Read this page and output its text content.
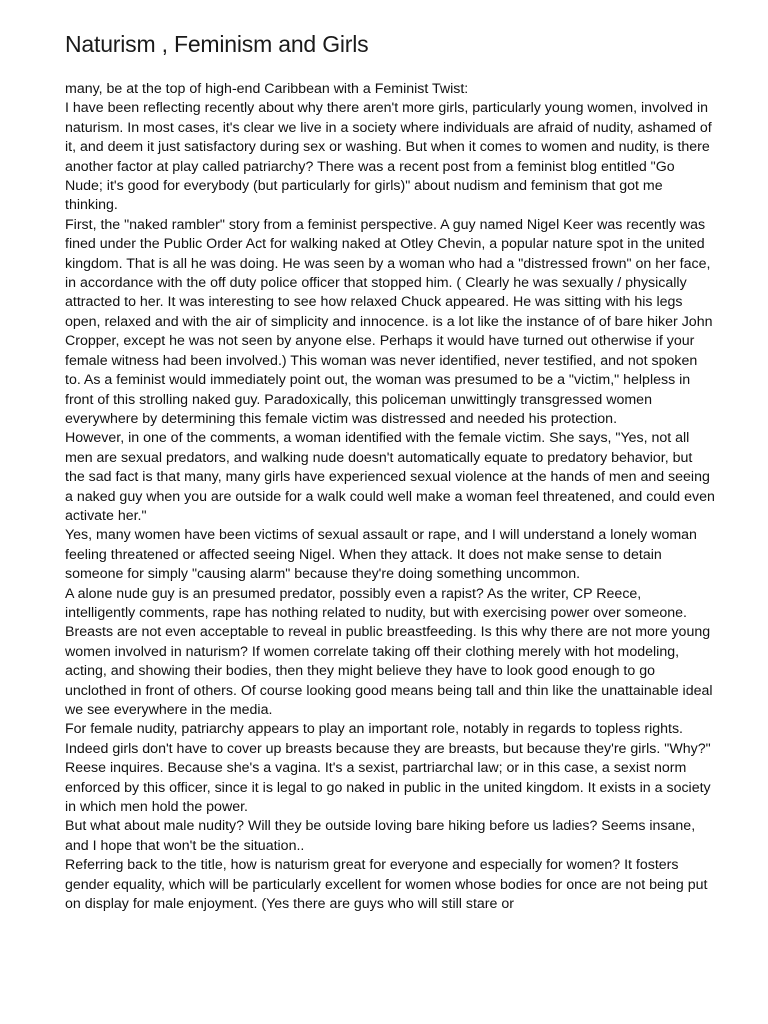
Naturism , Feminism and Girls

many, be at the top of high-end Caribbean with a Feminist Twist:

I have been reflecting recently about why there aren't more girls, particularly young women, involved in naturism. In most cases, it's clear we live in a society where individuals are afraid of nudity, ashamed of it, and deem it just satisfactory during sex or washing. But when it comes to women and nudity, is there another factor at play called patriarchy? There was a recent post from a feminist blog entitled "Go Nude; it's good for everybody (but particularly for girls)" about nudism and feminism that got me thinking.

First, the "naked rambler" story from a feminist perspective. A guy named Nigel Keer was recently was fined under the Public Order Act for walking naked at Otley Chevin, a popular nature spot in the united kingdom. That is all he was doing. He was seen by a woman who had a "distressed frown" on her face, in accordance with the off duty police officer that stopped him. ( Clearly he was sexually / physically attracted to her. It was interesting to see how relaxed Chuck appeared. He was sitting with his legs open, relaxed and with the air of simplicity and innocence. is a lot like the instance of of bare hiker John Cropper, except he was not seen by anyone else. Perhaps it would have turned out otherwise if your female witness had been involved.) This woman was never identified, never testified, and not spoken to. As a feminist would immediately point out, the woman was presumed to be a "victim," helpless in front of this strolling naked guy. Paradoxically, this policeman unwittingly transgressed women everywhere by determining this female victim was distressed and needed his protection.

However, in one of the comments, a woman identified with the female victim. She says, "Yes, not all men are sexual predators, and walking nude doesn't automatically equate to predatory behavior, but the sad fact is that many, many girls have experienced sexual violence at the hands of men and seeing a naked guy when you are outside for a walk could well make a woman feel threatened, and could even activate her."

Yes, many women have been victims of sexual assault or rape, and I will understand a lonely woman feeling threatened or affected seeing Nigel. When they attack. It does not make sense to detain someone for simply "causing alarm" because they're doing something uncommon.

A alone nude guy is an presumed predator, possibly even a rapist? As the writer, CP Reece, intelligently comments, rape has nothing related to nudity, but with exercising power over someone.

Breasts are not even acceptable to reveal in public breastfeeding. Is this why there are not more young women involved in naturism? If women correlate taking off their clothing merely with hot modeling, acting, and showing their bodies, then they might believe they have to look good enough to go unclothed in front of others. Of course looking good means being tall and thin like the unattainable ideal we see everywhere in the media.

For female nudity, patriarchy appears to play an important role, notably in regards to topless rights. Indeed girls don't have to cover up breasts because they are breasts, but because they're girls. "Why?" Reese inquires. Because she's a vagina. It's a sexist, partriarchal law; or in this case, a sexist norm enforced by this officer, since it is legal to go naked in public in the united kingdom. It exists in a society in which men hold the power.

But what about male nudity? Will they be outside loving bare hiking before us ladies? Seems insane, and I hope that won't be the situation..

Referring back to the title, how is naturism great for everyone and especially for women? It fosters gender equality, which will be particularly excellent for women whose bodies for once are not being put on display for male enjoyment. (Yes there are guys who will still stare or
